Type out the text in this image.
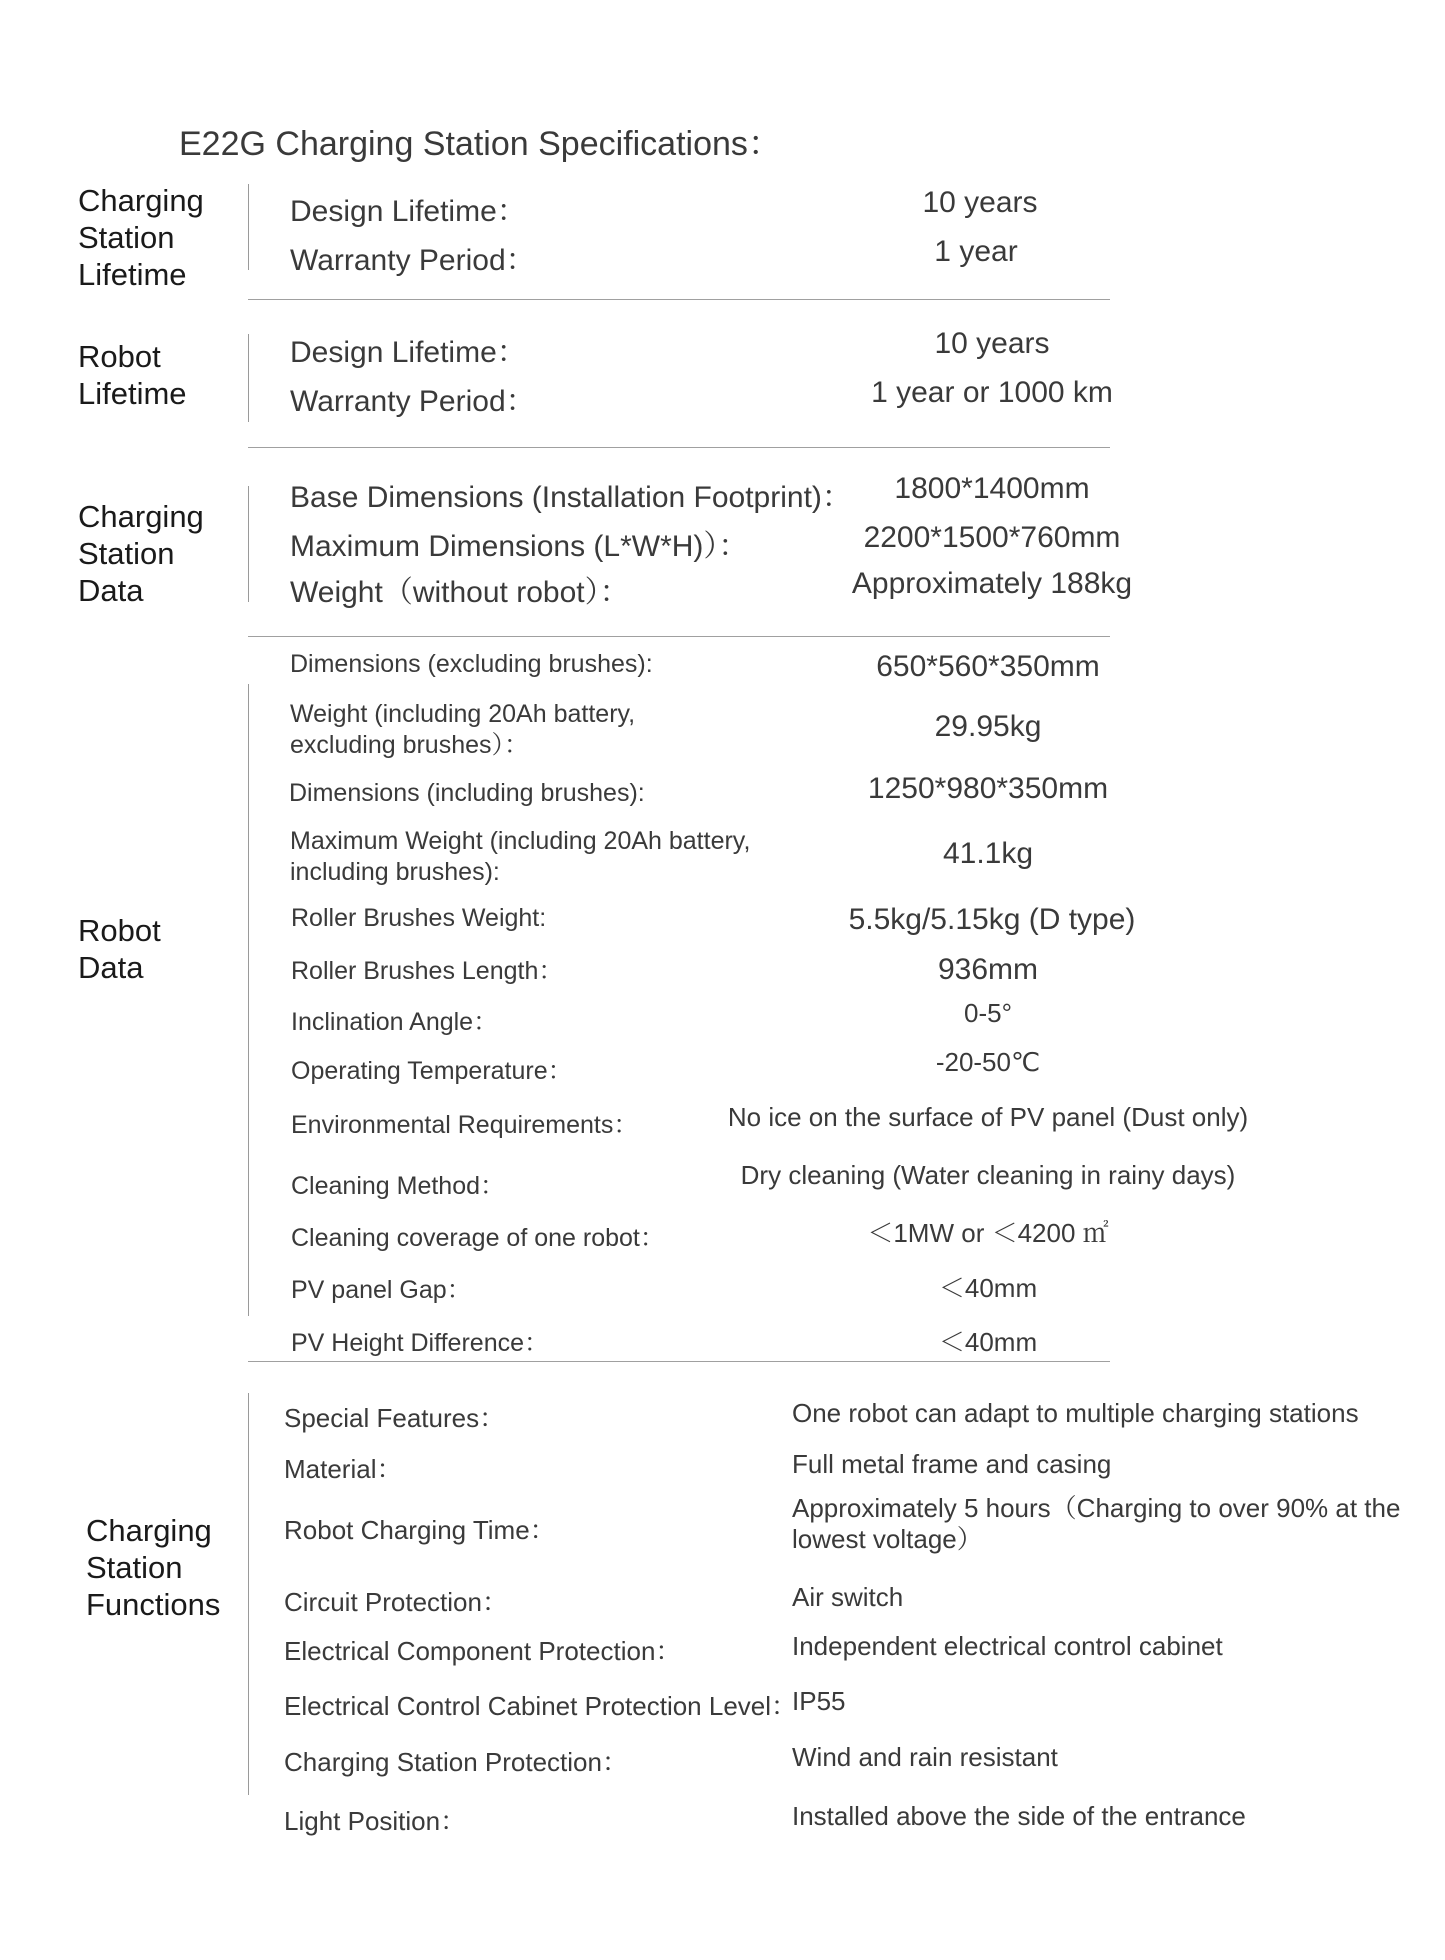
E22G Charging Station Specifications：
Charging
Station
Lifetime
Design Lifetime：	10 years
Warranty Period：	1 year
Robot
Lifetime
Design Lifetime：	10 years
Warranty Period：	1 year or 1000 km
Charging
Station
Data
Base Dimensions (Installation Footprint)： 1800*1400mm
Maximum Dimensions (L*W*H)）：	2200*1500*760mm
Weight（without robot）：	Approximately 188kg
Robot
Data
Dimensions (excluding brushes):	650*560*350mm
Weight (including 20Ah battery,
excluding brushes）：
29.95kg
Dimensions (including brushes):	1250*980*350mm
Maximum Weight (including 20Ah battery,
including brushes):
41.1kg
Roller Brushes Weight:	5.5kg/5.15kg (D type)
Roller Brushes Length：	936mm
Inclination Angle：	0-5°
Operating Temperature：	-20-50℃
Environmental Requirements：	No ice on the surface of PV panel (Dust only)
Cleaning Method：	Dry cleaning (Water cleaning in rainy days)
Cleaning coverage of one robot：	＜1MW or ＜4200 ㎡
PV panel Gap：	＜40mm
PV Height Difference：	＜40mm
Charging
Station
Functions
Special Features：	One robot can adapt to multiple charging stations
Material：	Full metal frame and casing
Robot Charging Time：
Approximately 5 hours（Charging to over 90% at the lowest voltage）
Circuit Protection：	Air switch
Electrical Component Protection：	Independent electrical control cabinet
Electrical Control Cabinet Protection Level：
IP55
Charging Station Protection：	Wind and rain resistant
Light Position：	Installed above the side of the entrance
